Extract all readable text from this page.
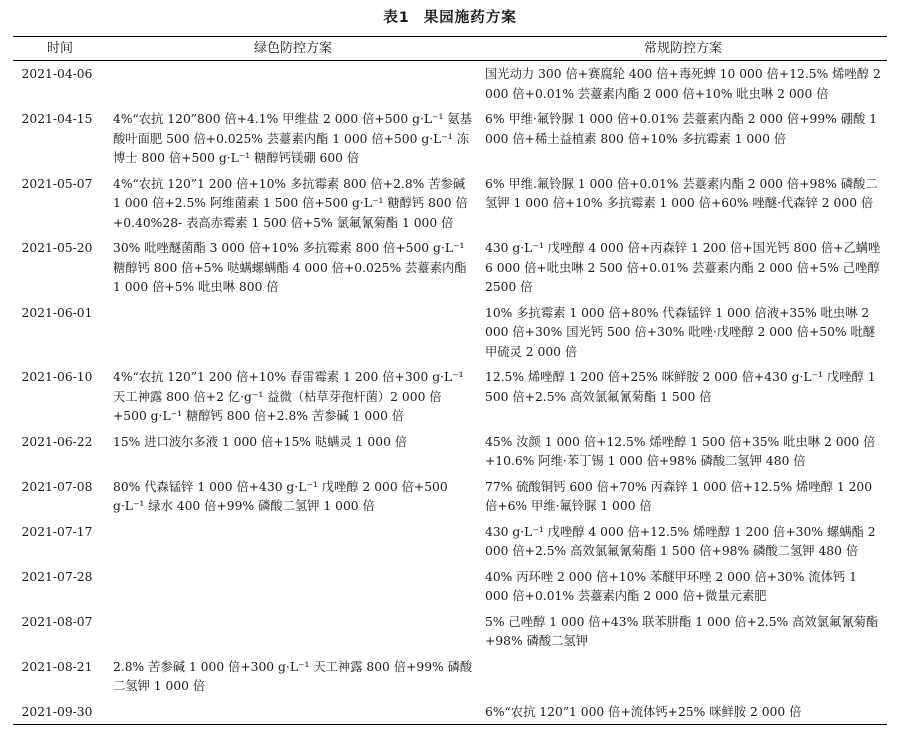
表1 果园施药方案
时间	绿色防控方案	常规防控方案
2021-04-06		国光动力 300 倍+赛腐轮 400 倍+毒死蜱 10 000 倍+12.5% 烯唑醇 2 000 倍+0.01% 芸薹素内酯 2 000 倍+10% 吡虫啉 2 000 倍
2021-04-15	4%“农抗 120”800 倍+4.1% 甲维盐 2 000 倍+500 g·L⁻¹ 氨基酸叶面肥 500 倍+0.025% 芸薹素内酯 1 000 倍+500 g·L⁻¹ 冻博士 800 倍+500 g·L⁻¹ 糖醇钙镁硼 600 倍	6% 甲维·氟铃脲 1 000 倍+0.01% 芸薹素内酯 2 000 倍+99% 硼酸 1 000 倍+稀土益植素 800 倍+10% 多抗霉素 1 000 倍
2021-05-07	4%“农抗 120”1 200 倍+10% 多抗霉素 800 倍+2.8% 苦参碱 1 000 倍+2.5% 阿维菌素 1 500 倍+500 g·L⁻¹ 糖醇钙 800 倍+0.40%28- 表高赤霉素 1 500 倍+5% 氯氟氰菊酯 1 000 倍	6% 甲维.氟铃脲 1 000 倍+0.01% 芸薹素内酯 2 000 倍+98% 磷酸二氢钾 1 000 倍+10% 多抗霉素 1 000 倍+60% 唑醚·代森锌 2 000 倍
2021-05-20	30% 吡唑醚菌酯 3 000 倍+10% 多抗霉素 800 倍+500 g·L⁻¹ 糖醇钙 800 倍+5% 哒螨螺螨酯 4 000 倍+0.025% 芸薹素内酯 1 000 倍+5% 吡虫啉 800 倍	430 g·L⁻¹ 戊唑醇 4 000 倍+丙森锌 1 200 倍+国光钙 800 倍+乙螨唑 6 000 倍+吡虫啉 2 500 倍+0.01% 芸薹素内酯 2 000 倍+5% 己唑醇 2500 倍
2021-06-01		10% 多抗霉素 1 000 倍+80% 代森锰锌 1 000 倍液+35% 吡虫啉 2 000 倍+30% 国光钙 500 倍+30% 吡唑·戊唑醇 2 000 倍+50% 吡醚甲硫灵 2 000 倍
2021-06-10	4%“农抗 120”1 200 倍+10% 春雷霉素 1 200 倍+300 g·L⁻¹ 天工神露 800 倍+2 亿·g⁻¹ 益微（枯草芽孢杆菌）2 000 倍+500 g·L⁻¹ 糖醇钙 800 倍+2.8% 苦参碱 1 000 倍	12.5% 烯唑醇 1 200 倍+25% 咪鲜胺 2 000 倍+430 g·L⁻¹ 戊唑醇 1 500 倍+2.5% 高效氯氟氰菊酯 1 500 倍
2021-06-22	15% 进口波尔多液 1 000 倍+15% 哒螨灵 1 000 倍	45% 汝颜 1 000 倍+12.5% 烯唑醇 1 500 倍+35% 吡虫啉 2 000 倍+10.6% 阿维·苯丁锡 1 000 倍+98% 磷酸二氢钾 480 倍
2021-07-08	80% 代森锰锌 1 000 倍+430 g·L⁻¹ 戊唑醇 2 000 倍+500 g·L⁻¹ 绿水 400 倍+99% 磷酸二氢钾 1 000 倍	77% 硫酸铜钙 600 倍+70% 丙森锌 1 000 倍+12.5% 烯唑醇 1 200 倍+6% 甲维·氟铃脲 1 000 倍
2021-07-17		430 g·L⁻¹ 戊唑醇 4 000 倍+12.5% 烯唑醇 1 200 倍+30% 螺螨酯 2 000 倍+2.5% 高效氯氟氰菊酯 1 500 倍+98% 磷酸二氢钾 480 倍
2021-07-28		40% 丙环唑 2 000 倍+10% 苯醚甲环唑 2 000 倍+30% 流体钙 1 000 倍+0.01% 芸薹素内酯 2 000 倍+微量元素肥
2021-08-07		5% 己唑醇 1 000 倍+43% 联苯肼酯 1 000 倍+2.5% 高效氯氟氰菊酯+98% 磷酸二氢钾
2021-08-21	2.8% 苦参碱 1 000 倍+300 g·L⁻¹ 天工神露 800 倍+99% 磷酸二氢钾 1 000 倍	
2021-09-30		6%“农抗 120”1 000 倍+流体钙+25% 咪鲜胺 2 000 倍
